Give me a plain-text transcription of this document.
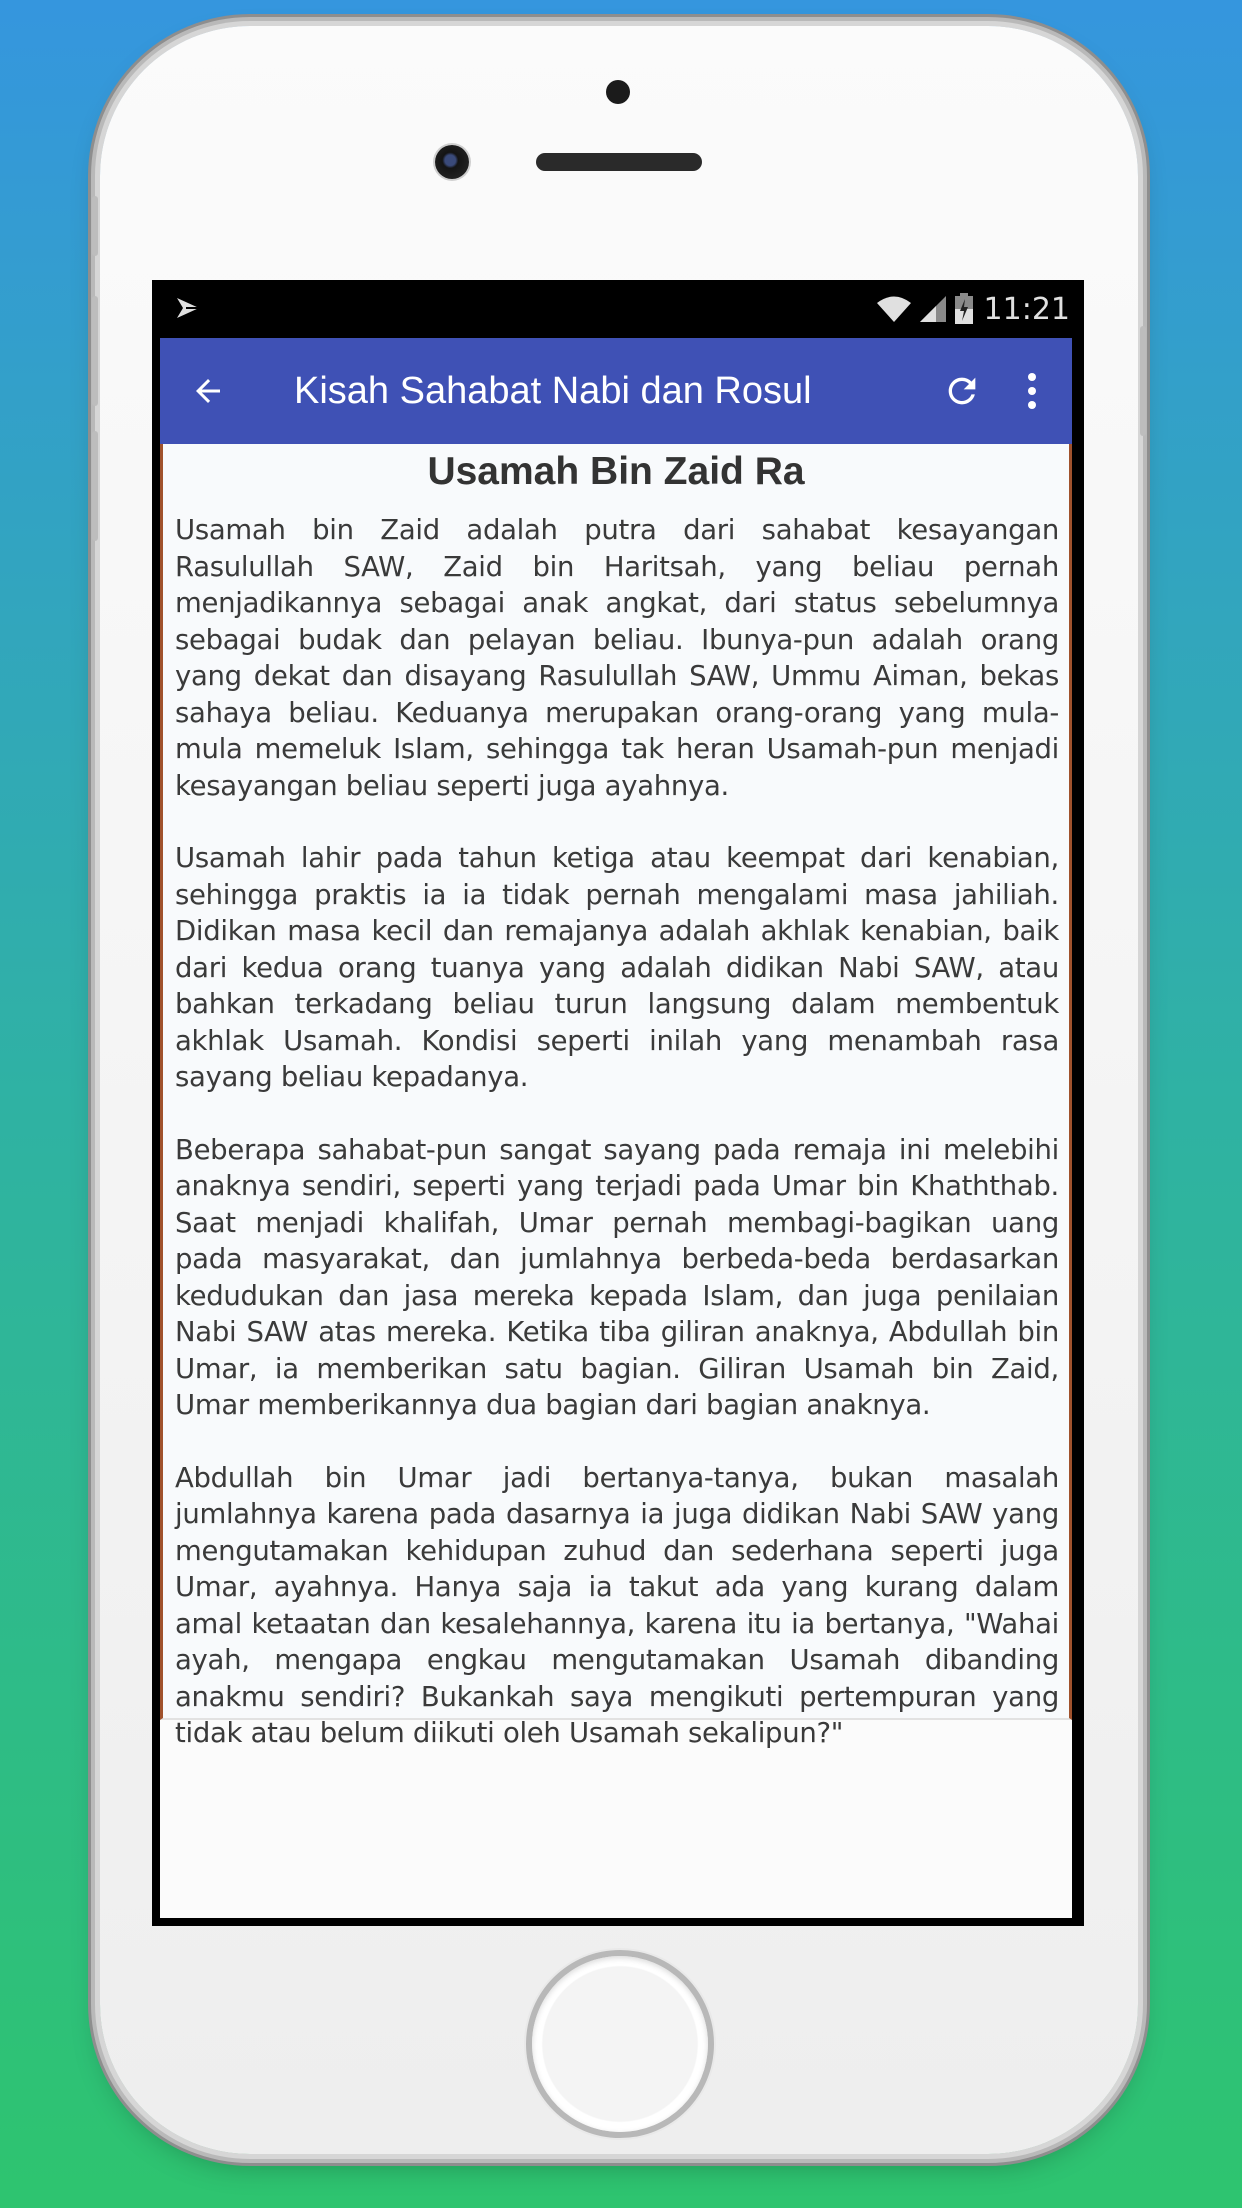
11:21
Kisah Sahabat Nabi dan Rosul
Usamah Bin Zaid Ra

Usamah bin Zaid adalah putra dari sahabat kesayangan Rasulullah SAW, Zaid bin Haritsah, yang beliau pernah menjadikannya sebagai anak angkat, dari status sebelumnya sebagai budak dan pelayan beliau. Ibunya-pun adalah orang yang dekat dan disayang Rasulullah SAW, Ummu Aiman, bekas sahaya beliau. Keduanya merupakan orang-orang yang mula-mula memeluk Islam, sehingga tak heran Usamah-pun menjadi kesayangan beliau seperti juga ayahnya.

Usamah lahir pada tahun ketiga atau keempat dari kenabian, sehingga praktis ia ia tidak pernah mengalami masa jahiliah. Didikan masa kecil dan remajanya adalah akhlak kenabian, baik dari kedua orang tuanya yang adalah didikan Nabi SAW, atau bahkan terkadang beliau turun langsung dalam membentuk akhlak Usamah. Kondisi seperti inilah yang menambah rasa sayang beliau kepadanya.

Beberapa sahabat-pun sangat sayang pada remaja ini melebihi anaknya sendiri, seperti yang terjadi pada Umar bin Khaththab. Saat menjadi khalifah, Umar pernah membagi-bagikan uang pada masyarakat, dan jumlahnya berbeda-beda berdasarkan kedudukan dan jasa mereka kepada Islam, dan juga penilaian Nabi SAW atas mereka. Ketika tiba giliran anaknya, Abdullah bin Umar, ia memberikan satu bagian. Giliran Usamah bin Zaid, Umar memberikannya dua bagian dari bagian anaknya.

Abdullah bin Umar jadi bertanya-tanya, bukan masalah jumlahnya karena pada dasarnya ia juga didikan Nabi SAW yang mengutamakan kehidupan zuhud dan sederhana seperti juga Umar, ayahnya. Hanya saja ia takut ada yang kurang dalam amal ketaatan dan kesalehannya, karena itu ia bertanya, "Wahai ayah, mengapa engkau mengutamakan Usamah dibanding anakmu sendiri? Bukankah saya mengikuti pertempuran yang tidak atau belum diikuti oleh Usamah sekalipun?"
